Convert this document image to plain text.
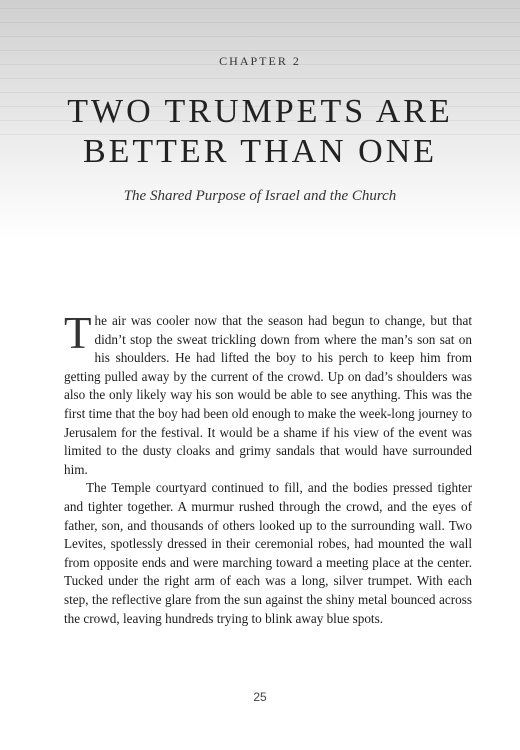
CHAPTER 2
TWO TRUMPETS ARE BETTER THAN ONE
The Shared Purpose of Israel and the Church

T he air was cooler now that the season had begun to change, but that didn’t stop the sweat trickling down from where the man’s son sat on his shoulders. He had lifted the boy to his perch to keep him from getting pulled away by the current of the crowd. Up on dad’s shoulders was also the only likely way his son would be able to see anything. This was the first time that the boy had been old enough to make the week-long journey to Jerusalem for the festival. It would be a shame if his view of the event was limited to the dusty cloaks and grimy sandals that would have surrounded him.

The Temple courtyard continued to fill, and the bodies pressed tighter and tighter together. A murmur rushed through the crowd, and the eyes of father, son, and thousands of others looked up to the surrounding wall. Two Levites, spotlessly dressed in their ceremonial robes, had mounted the wall from opposite ends and were marching toward a meeting place at the center. Tucked under the right arm of each was a long, silver trumpet. With each step, the reflective glare from the sun against the shiny metal bounced across the crowd, leaving hundreds trying to blink away blue spots.

25
